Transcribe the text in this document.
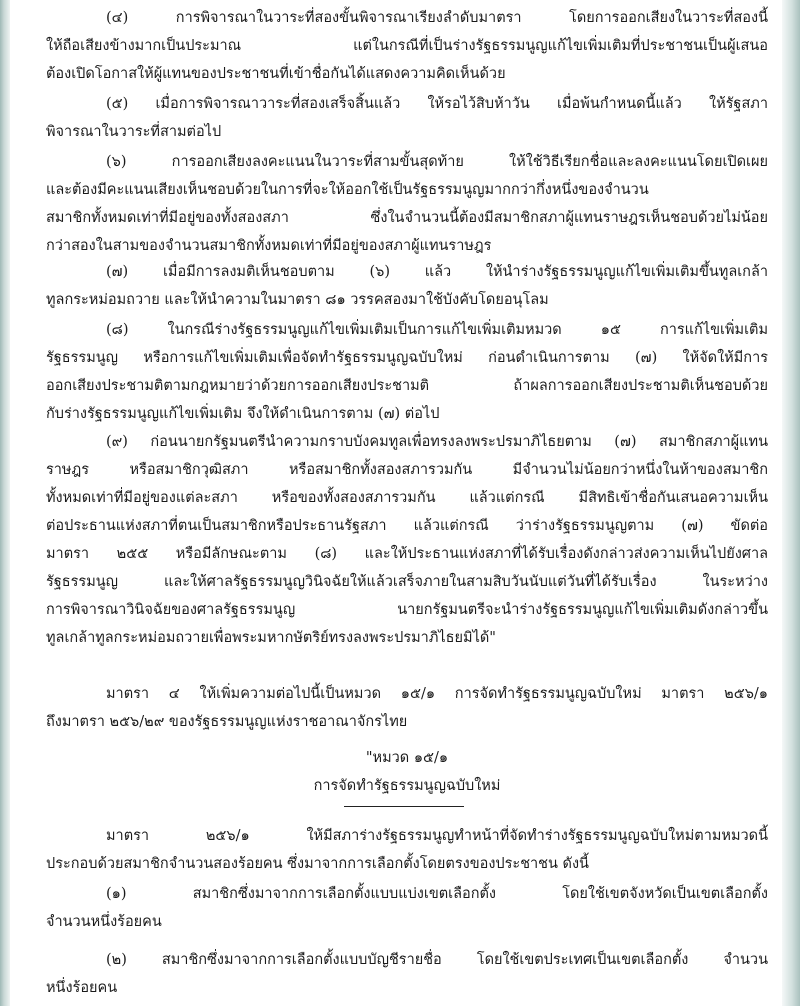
(๔) การพิจารณาในวาระที่สองขั้นพิจารณาเรียงลำดับมาตรา โดยการออกเสียงในวาระที่สองนี้
ให้ถือเสียงข้างมากเป็นประมาณ แต่ในกรณีที่เป็นร่างรัฐธรรมนูญแก้ไขเพิ่มเติมที่ประชาชนเป็นผู้เสนอ
ต้องเปิดโอกาสให้ผู้แทนของประชาชนที่เข้าชื่อกันได้แสดงความคิดเห็นด้วย
(๕) เมื่อการพิจารณาวาระที่สองเสร็จสิ้นแล้ว ให้รอไว้สิบห้าวัน เมื่อพ้นกำหนดนี้แล้ว ให้รัฐสภา
พิจารณาในวาระที่สามต่อไป
(๖) การออกเสียงลงคะแนนในวาระที่สามขั้นสุดท้าย ให้ใช้วิธีเรียกชื่อและลงคะแนนโดยเปิดเผย
และต้องมีคะแนนเสียงเห็นชอบด้วยในการที่จะให้ออกใช้เป็นรัฐธรรมนูญมากกว่ากึ่งหนึ่งของจำนวน
สมาชิกทั้งหมดเท่าที่มีอยู่ของทั้งสองสภา ซึ่งในจำนวนนี้ต้องมีสมาชิกสภาผู้แทนราษฎรเห็นชอบด้วยไม่น้อย
กว่าสองในสามของจำนวนสมาชิกทั้งหมดเท่าที่มีอยู่ของสภาผู้แทนราษฎร
(๗) เมื่อมีการลงมติเห็นชอบตาม (๖) แล้ว ให้นำร่างรัฐธรรมนูญแก้ไขเพิ่มเติมขึ้นทูลเกล้า
ทูลกระหม่อมถวาย และให้นำความในมาตรา ๘๑ วรรคสองมาใช้บังคับโดยอนุโลม
(๘) ในกรณีร่างรัฐธรรมนูญแก้ไขเพิ่มเติมเป็นการแก้ไขเพิ่มเติมหมวด ๑๕ การแก้ไขเพิ่มเติม
รัฐธรรมนูญ หรือการแก้ไขเพิ่มเติมเพื่อจัดทำรัฐธรรมนูญฉบับใหม่ ก่อนดำเนินการตาม (๗) ให้จัดให้มีการ
ออกเสียงประชามติตามกฎหมายว่าด้วยการออกเสียงประชามติ ถ้าผลการออกเสียงประชามติเห็นชอบด้วย
กับร่างรัฐธรรมนูญแก้ไขเพิ่มเติม จึงให้ดำเนินการตาม (๗) ต่อไป
(๙) ก่อนนายกรัฐมนตรีนำความกราบบังคมทูลเพื่อทรงลงพระปรมาภิไธยตาม (๗) สมาชิกสภาผู้แทน
ราษฎร หรือสมาชิกวุฒิสภา หรือสมาชิกทั้งสองสภารวมกัน มีจำนวนไม่น้อยกว่าหนึ่งในห้าของสมาชิก
ทั้งหมดเท่าที่มีอยู่ของแต่ละสภา หรือของทั้งสองสภารวมกัน แล้วแต่กรณี มีสิทธิเข้าชื่อกันเสนอความเห็น
ต่อประธานแห่งสภาที่ตนเป็นสมาชิกหรือประธานรัฐสภา แล้วแต่กรณี ว่าร่างรัฐธรรมนูญตาม (๗) ขัดต่อ
มาตรา ๒๕๕ หรือมีลักษณะตาม (๘) และให้ประธานแห่งสภาที่ได้รับเรื่องดังกล่าวส่งความเห็นไปยังศาล
รัฐธรรมนูญ และให้ศาลรัฐธรรมนูญวินิจฉัยให้แล้วเสร็จภายในสามสิบวันนับแต่วันที่ได้รับเรื่อง ในระหว่าง
การพิจารณาวินิจฉัยของศาลรัฐธรรมนูญ นายกรัฐมนตรีจะนำร่างรัฐธรรมนูญแก้ไขเพิ่มเติมดังกล่าวขึ้น
ทูลเกล้าทูลกระหม่อมถวายเพื่อพระมหากษัตริย์ทรงลงพระปรมาภิไธยมิได้"
มาตรา ๔ ให้เพิ่มความต่อไปนี้เป็นหมวด ๑๕/๑ การจัดทำรัฐธรรมนูญฉบับใหม่ มาตรา ๒๕๖/๑
ถึงมาตรา ๒๕๖/๒๙ ของรัฐธรรมนูญแห่งราชอาณาจักรไทย

"หมวด ๑๕/๑

การจัดทำรัฐธรรมนูญฉบับใหม่

มาตรา ๒๕๖/๑ ให้มีสภาร่างรัฐธรรมนูญทำหน้าที่จัดทำร่างรัฐธรรมนูญฉบับใหม่ตามหมวดนี้
ประกอบด้วยสมาชิกจำนวนสองร้อยคน ซึ่งมาจากการเลือกตั้งโดยตรงของประชาชน ดังนี้
(๑) สมาชิกซึ่งมาจากการเลือกตั้งแบบแบ่งเขตเลือกตั้ง โดยใช้เขตจังหวัดเป็นเขตเลือกตั้ง
จำนวนหนึ่งร้อยคน
(๒) สมาชิกซึ่งมาจากการเลือกตั้งแบบบัญชีรายชื่อ โดยใช้เขตประเทศเป็นเขตเลือกตั้ง จำนวน
หนึ่งร้อยคน
